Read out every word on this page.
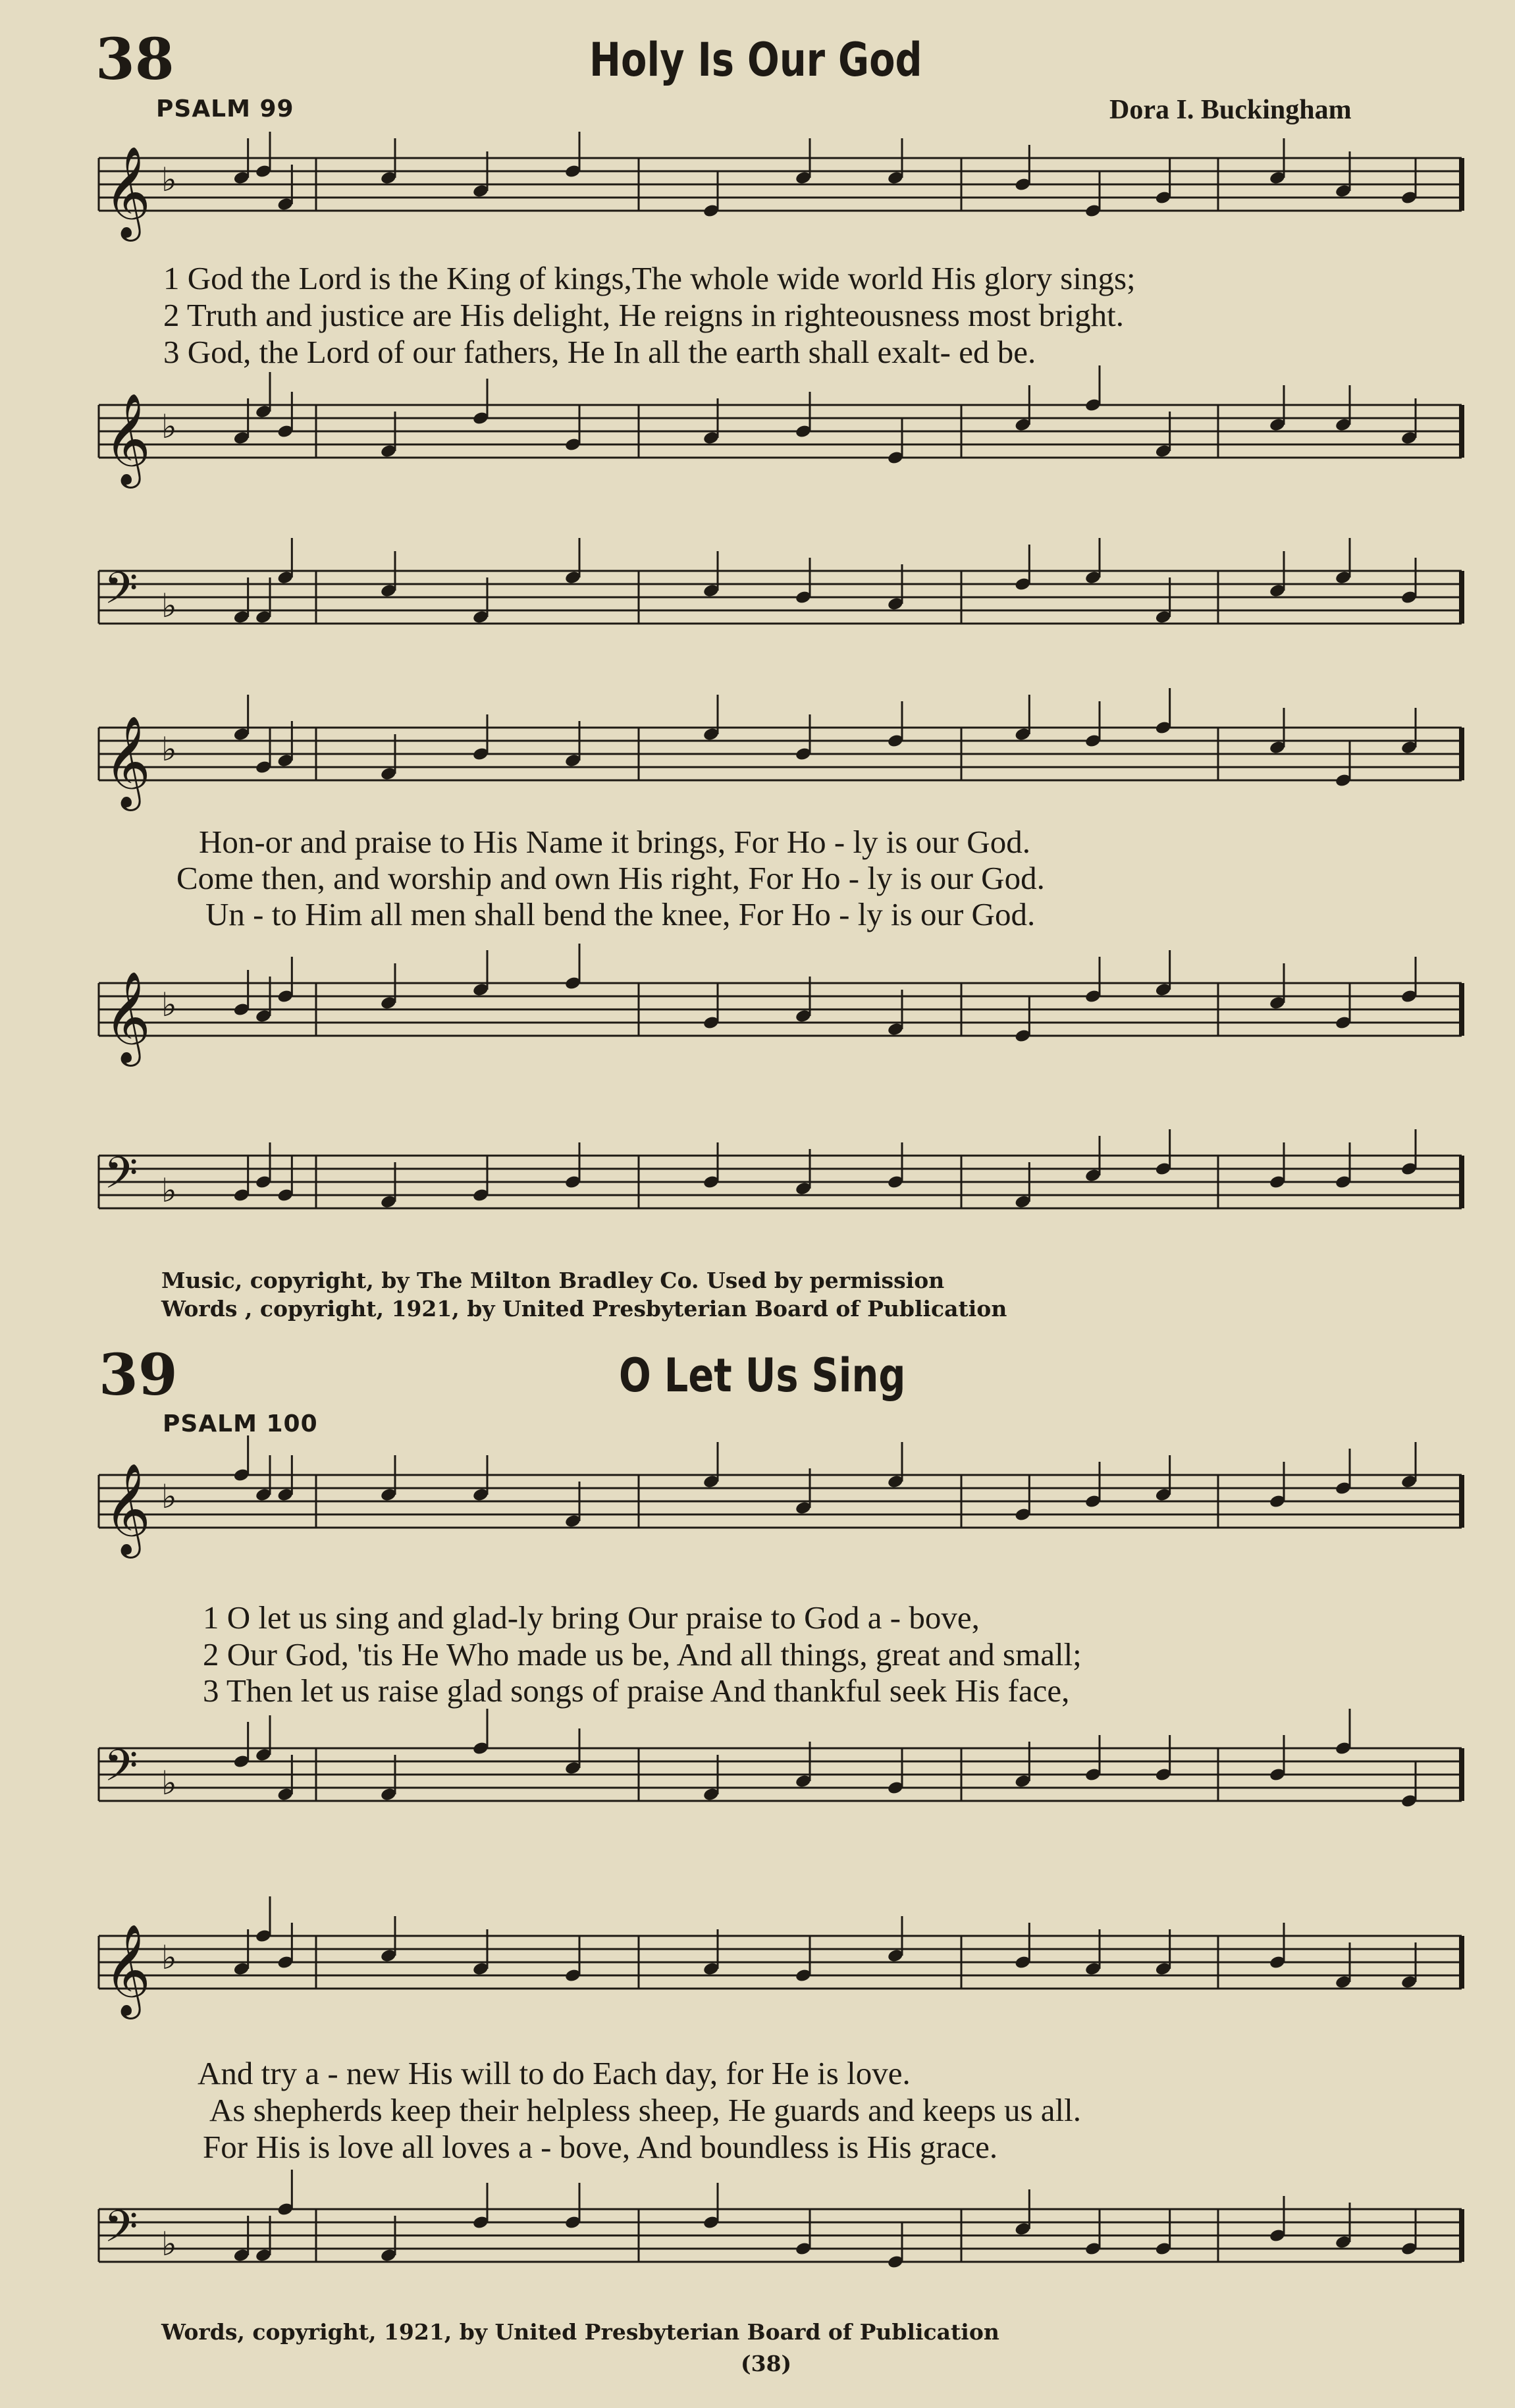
38	Holy Is Our God
PSALM 99	Dora I. Buckingham
𝄞 ♭
1 God the Lord is the King of kings,The whole wide world His glory sings;
2 Truth and justice are His delight, He reigns in righteousness most bright.
3 God, the Lord of our fathers, He In all the earth shall exalt- ed be.
𝄞 ♭
𝄢 ♭
𝄞 ♭
Hon-or and praise to His Name it brings, For Ho - ly is our God.
Come then, and worship and own His right, For Ho - ly is our God.
Un - to Him all men shall bend the knee, For Ho - ly is our God.
𝄞 ♭
𝄢 ♭
Music, copyright, by The Milton Bradley Co. Used by permission
Words , copyright, 1921, by United Presbyterian Board of Publication
39	O Let Us Sing
PSALM 100
𝄞 ♭
1 O let us sing and glad-ly bring Our praise to God a - bove,
2 Our God, 'tis He Who made us be, And all things, great and small;
3 Then let us raise glad songs of praise And thankful seek His face,
𝄢 ♭
𝄞 ♭
And try a - new His will to do Each day, for He is love.
As shepherds keep their helpless sheep, He guards and keeps us all.
For His is love all loves a - bove, And boundless is His grace.
𝄢 ♭
Words, copyright, 1921, by United Presbyterian Board of Publication
(38)
